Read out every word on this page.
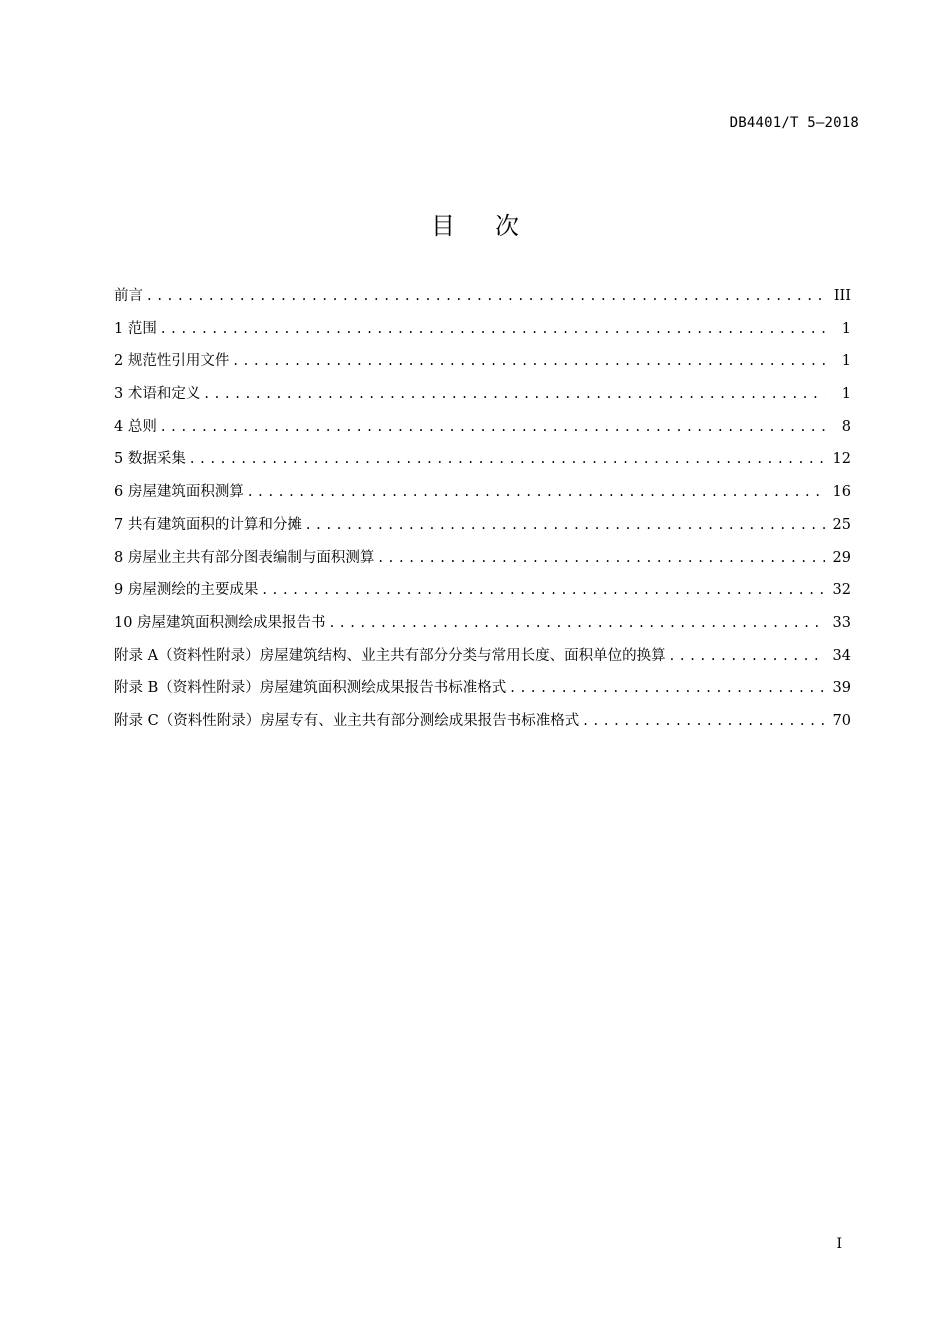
DB4401/T 5—2018
目 次
前言 . . .	III
1 范围 . . .	1
2 规范性引用文件 . . .	1
3 术语和定义 . . .	1
4 总则 . . .	8
5 数据采集 . . .	12
6 房屋建筑面积测算 . . .	16
7 共有建筑面积的计算和分摊 . . .	25
8 房屋业主共有部分图表编制与面积测算 . . .	29
9 房屋测绘的主要成果 . . .	32
10 房屋建筑面积测绘成果报告书 . . .	33
附录 A（资料性附录）房屋建筑结构、业主共有部分分类与常用长度、面积单位的换算 . . .	34
附录 B（资料性附录）房屋建筑面积测绘成果报告书标准格式 . . .	39
附录 C（资料性附录）房屋专有、业主共有部分测绘成果报告书标准格式 . . .	70
I
